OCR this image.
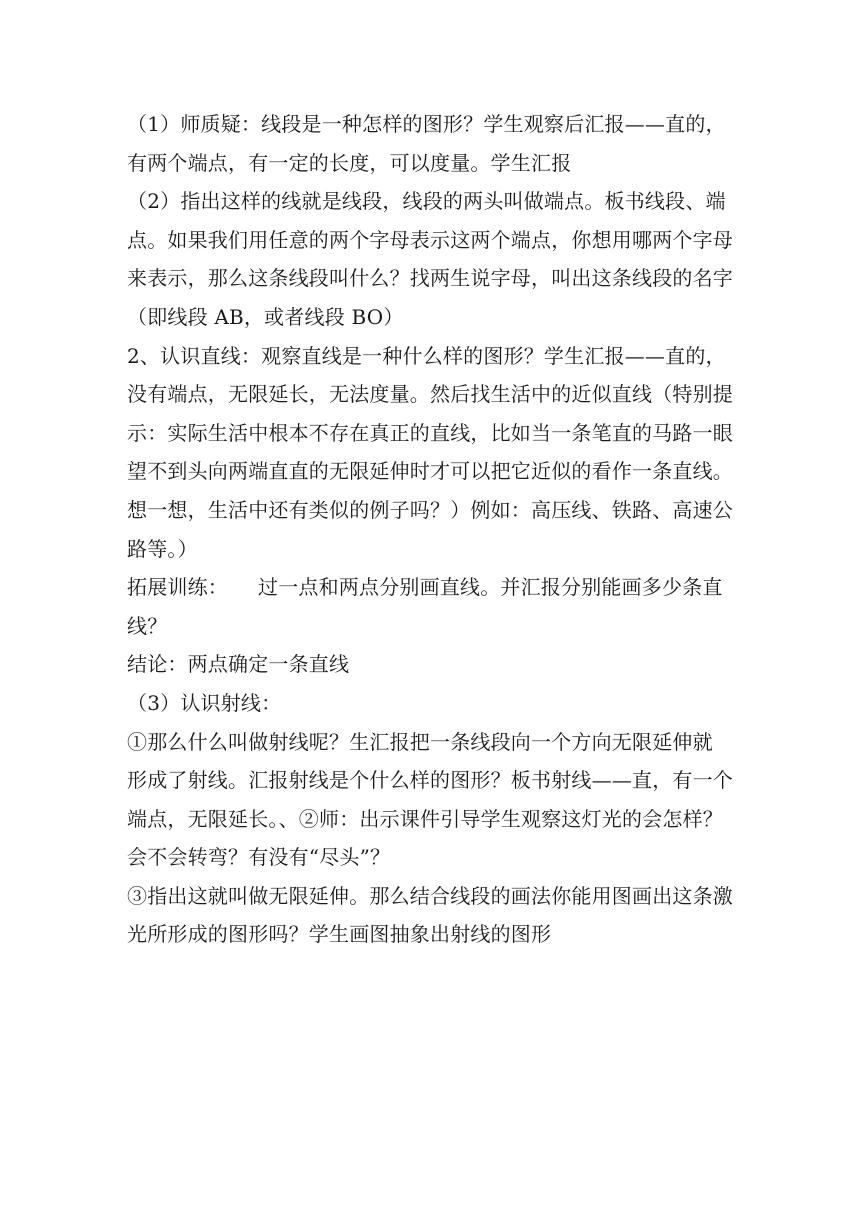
（1）师质疑：线段是一种怎样的图形？学生观察后汇报——直的，
有两个端点，有一定的长度，可以度量。学生汇报
（2）指出这样的线就是线段，线段的两头叫做端点。板书线段、端
点。如果我们用任意的两个字母表示这两个端点，你想用哪两个字母
来表示，那么这条线段叫什么？找两生说字母，叫出这条线段的名字
（即线段 AB，或者线段 BO）
2、认识直线：观察直线是一种什么样的图形？学生汇报——直的，
没有端点，无限延长，无法度量。然后找生活中的近似直线（特别提
示：实际生活中根本不存在真正的直线，比如当一条笔直的马路一眼
望不到头向两端直直的无限延伸时才可以把它近似的看作一条直线。
想一想，生活中还有类似的例子吗？）例如：高压线、铁路、高速公
路等。）
拓展训练： 过一点和两点分别画直线。并汇报分别能画多少条直
线？
结论：两点确定一条直线
（3）认识射线：
①那么什么叫做射线呢？生汇报把一条线段向一个方向无限延伸就
形成了射线。汇报射线是个什么样的图形？板书射线——直，有一个
端点，无限延长。、②师：出示课件引导学生观察这灯光的会怎样？
会不会转弯？有没有“尽头”？
③指出这就叫做无限延伸。那么结合线段的画法你能用图画出这条激
光所形成的图形吗？学生画图抽象出射线的图形
